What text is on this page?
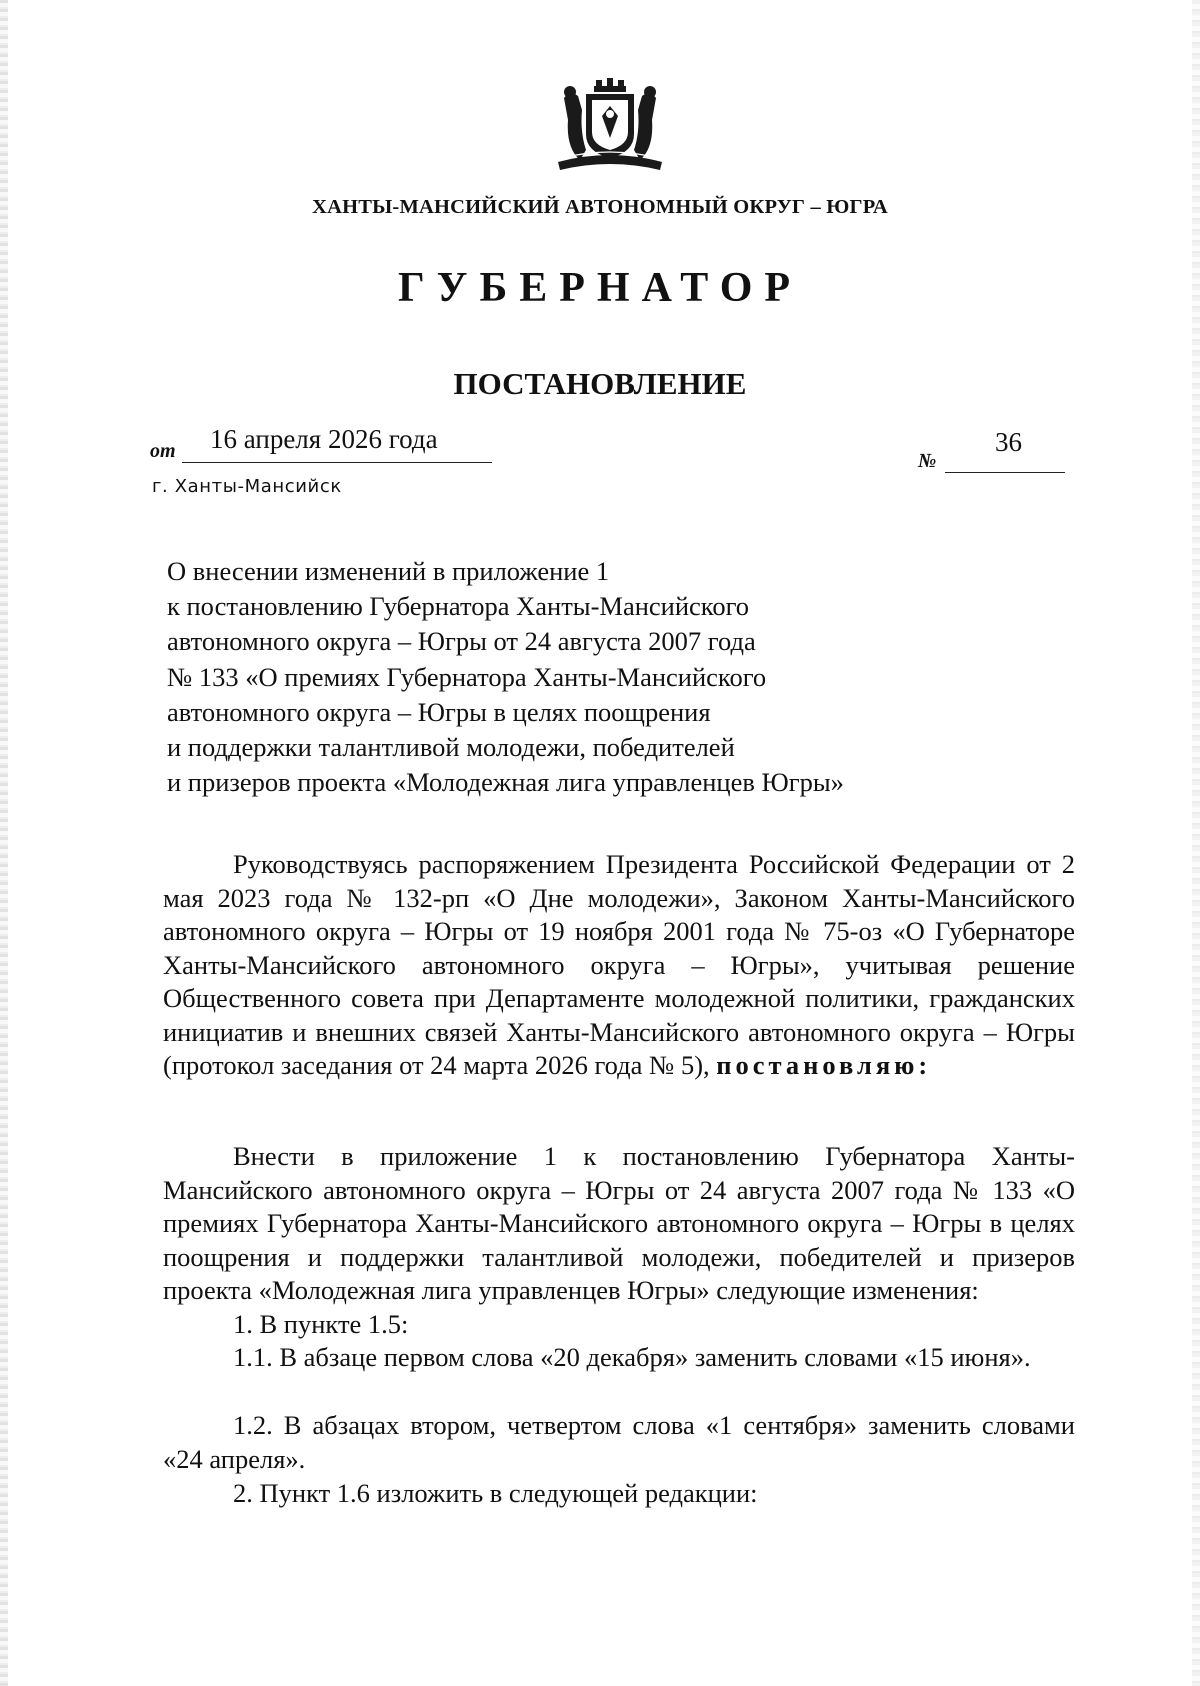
ХАНТЫ-МАНСИЙСКИЙ АВТОНОМНЫЙ ОКРУГ – ЮГРА
ГУБЕРНАТОР
ПОСТАНОВЛЕНИЕ
от 16 апреля 2026 года
№
36
г. Ханты-Мансийск
О внесении изменений в приложение 1
к постановлению Губернатора Ханты-Мансийского
автономного округа – Югры от 24 августа 2007 года
№ 133 «О премиях Губернатора Ханты-Мансийского
автономного округа – Югры в целях поощрения
и поддержки талантливой молодежи, победителей
и призеров проекта «Молодежная лига управленцев Югры»
Руководствуясь распоряжением Президента Российской Федерации от 2 мая 2023 года № 132-рп «О Дне молодежи», Законом Ханты-Мансийского автономного округа – Югры от 19 ноября 2001 года № 75-оз «О Губернаторе Ханты-Мансийского автономного округа – Югры», учитывая решение Общественного совета при Департаменте молодежной политики, гражданских инициатив и внешних связей Ханты-Мансийского автономного округа – Югры (протокол заседания от 24 марта 2026 года № 5), постановляю:
Внести в приложение 1 к постановлению Губернатора Ханты-Мансийского автономного округа – Югры от 24 августа 2007 года № 133 «О премиях Губернатора Ханты-Мансийского автономного округа – Югры в целях поощрения и поддержки талантливой молодежи, победителей и призеров проекта «Молодежная лига управленцев Югры» следующие изменения:
1. В пункте 1.5:
1.1. В абзаце первом слова «20 декабря» заменить словами «15 июня».
1.2. В абзацах втором, четвертом слова «1 сентября» заменить словами «24 апреля».
2. Пункт 1.6 изложить в следующей редакции:
